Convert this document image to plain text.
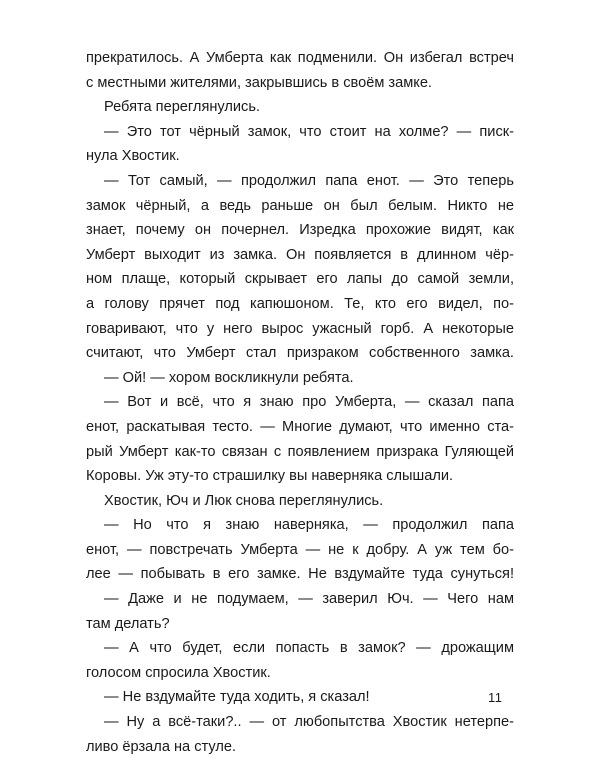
прекратилось. А Умберта как подменили. Он избегал встреч
с местными жителями, закрывшись в своём замке.
Ребята переглянулись.
— Это тот чёрный замок, что стоит на холме? — писк-
нула Хвостик.
— Тот самый, — продолжил папа енот. — Это теперь
замок чёрный, а ведь раньше он был белым. Никто не
знает, почему он почернел. Изредка прохожие видят, как
Умберт выходит из замка. Он появляется в длинном чёр-
ном плаще, который скрывает его лапы до самой земли,
а голову прячет под капюшоном. Те, кто его видел, по-
говаривают, что у него вырос ужасный горб. А некоторые
считают, что Умберт стал призраком собственного замка.
— Ой! — хором воскликнули ребята.
— Вот и всё, что я знаю про Умберта, — сказал папа
енот, раскатывая тесто. — Многие думают, что именно ста-
рый Умберт как-то связан с появлением призрака Гуляющей
Коровы. Уж эту-то страшилку вы наверняка слышали.
Хвостик, Юч и Люк снова переглянулись.
— Но что я знаю наверняка, — продолжил папа
енот, — повстречать Умберта — не к добру. А уж тем бо-
лее — побывать в его замке. Не вздумайте туда сунуться!
— Даже и не подумаем, — заверил Юч. — Чего нам
там делать?
— А что будет, если попасть в замок? — дрожащим
голосом спросила Хвостик.
— Не вздумайте туда ходить, я сказал!
— Ну а всё-таки?.. — от любопытства Хвостик нетерпе-
ливо ёрзала на стуле.
11
